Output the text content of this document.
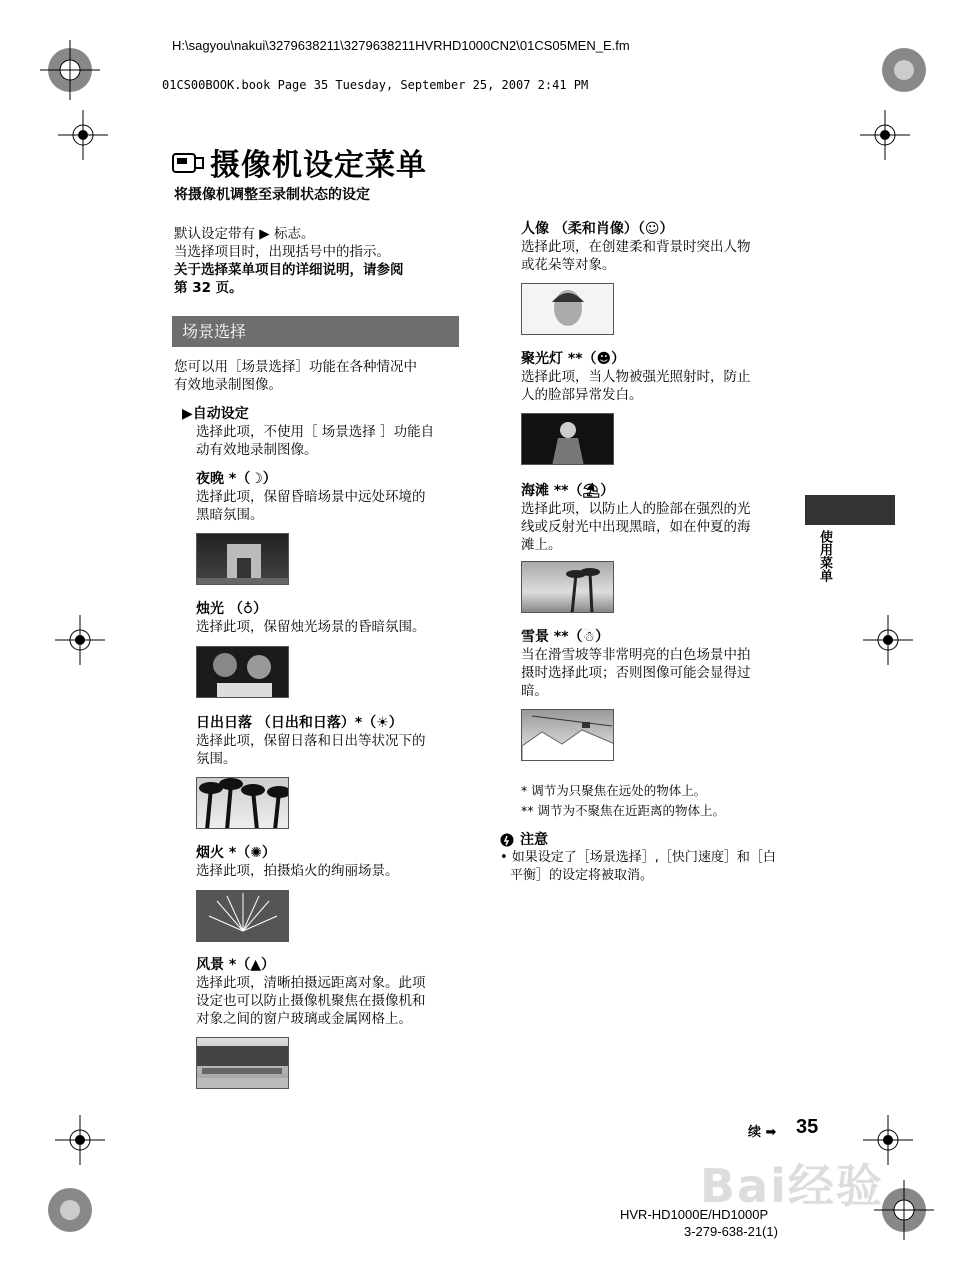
H:\sagyou\nakui\3279638211\3279638211HVRHD1000CN2\01CS05MEN_E.fm
01CS00BOOK.book Page 35 Tuesday, September 25, 2007 2:41 PM
摄像机设定菜单
将摄像机调整至录制状态的设定
默认设定带有 ▶ 标志。
当选择项目时，出现括号中的指示。
关于选择菜单项目的详细说明，请参阅
第 32 页。
场景选择
您可以用［场景选择］功能在各种情况中
有效地录制图像。
▶自动设定
选择此项，不使用［ 场景选择 ］功能自
动有效地录制图像。
夜晚 *（☽）
选择此项，保留昏暗场景中远处环境的
黑暗氛围。
烛光 （♁）
选择此项，保留烛光场景的昏暗氛围。
日出日落 （日出和日落）*（☀）
选择此项，保留日落和日出等状况下的
氛围。
烟火 *（✺）
选择此项，拍摄焰火的绚丽场景。
风景 *（▲）
选择此项，清晰拍摄远距离对象。此项
设定也可以防止摄像机聚焦在摄像机和
对象之间的窗户玻璃或金属网格上。
人像 （柔和肖像）（☺）
选择此项，在创建柔和背景时突出人物
或花朵等对象。
聚光灯 **（☻）
选择此项，当人物被强光照射时，防止
人的脸部异常发白。
海滩 **（⛱）
选择此项，以防止人的脸部在强烈的光
线或反射光中出现黑暗，如在仲夏的海
滩上。
雪景 **（☃）
当在滑雪坡等非常明亮的白色场景中拍
摄时选择此项；否则图像可能会显得过
暗。
* 调节为只聚焦在远处的物体上。
** 调节为不聚焦在近距离的物体上。
注意
• 如果设定了［场景选择］,［快门速度］和［白
平衡］的设定将被取消。
使用菜单
续 ➡ 35
Bai经验
HVR-HD1000E/HD1000P
3-279-638-21(1)
